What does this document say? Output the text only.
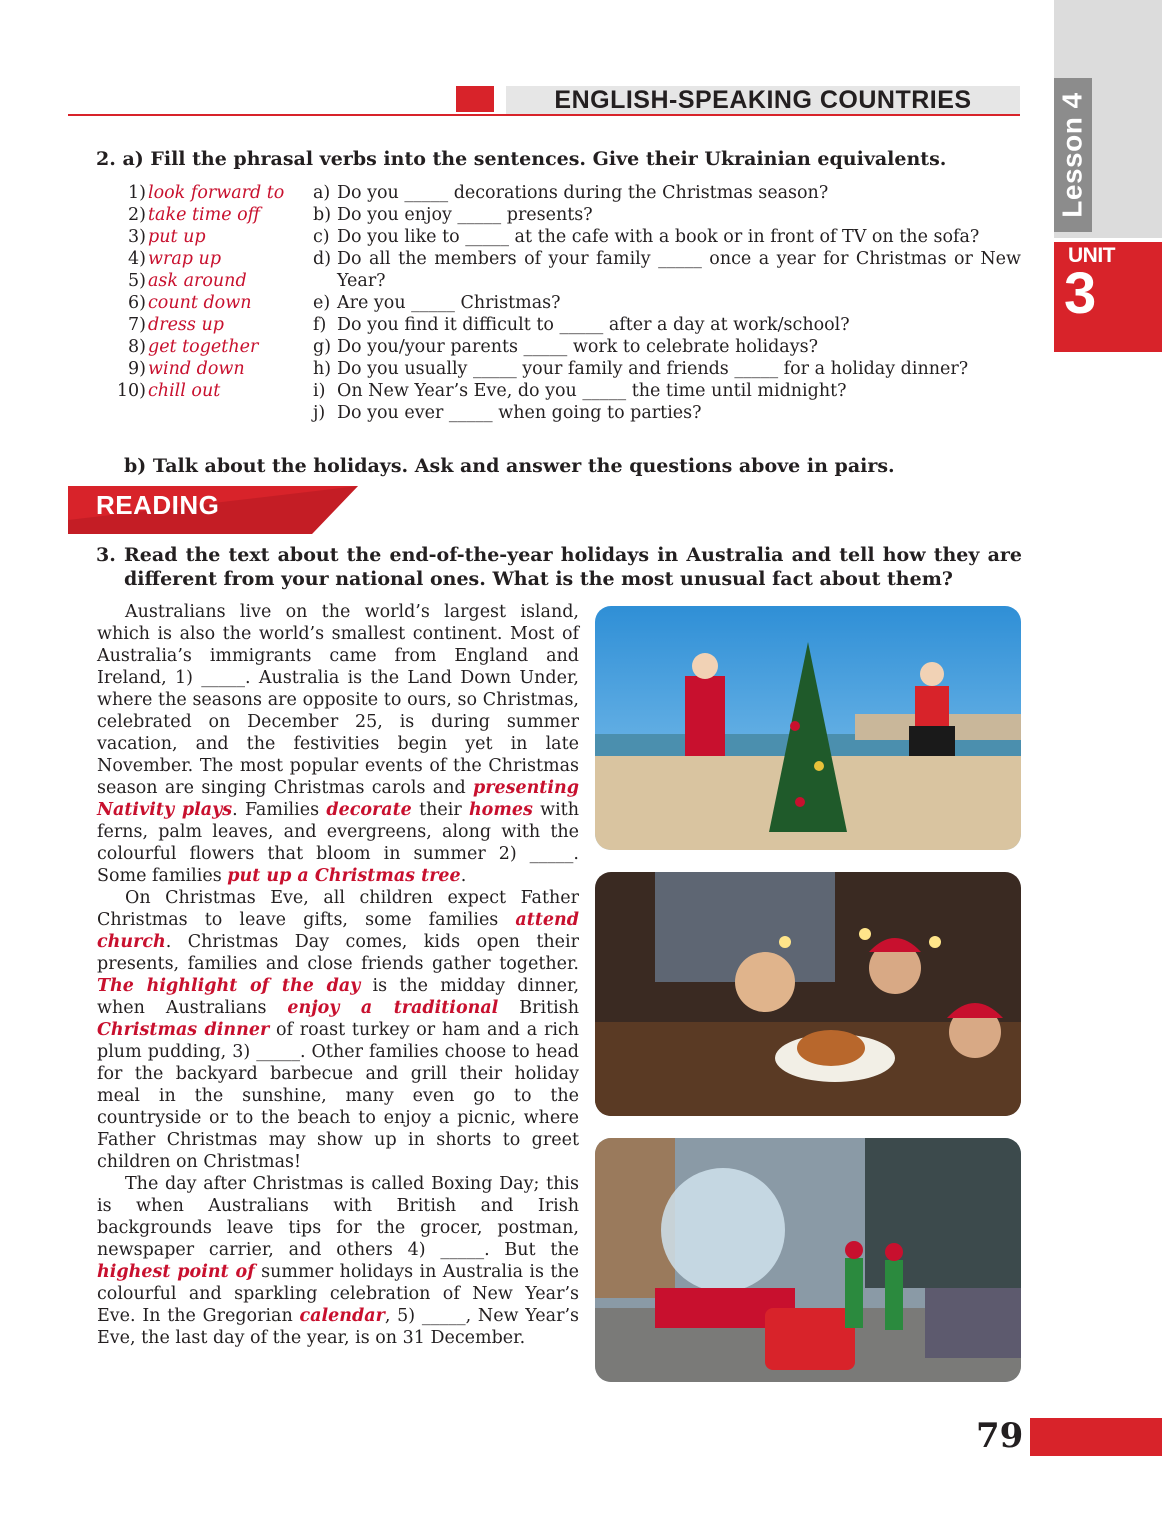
ENGLISH-SPEAKING COUNTRIES	Lesson 4
UNIT
3
2. a) Fill the phrasal verbs into the sentences. Give their Ukrainian equivalents.
1) look forward to
2) take time off
3) put up
4) wrap up
5) ask around
6) count down
7) dress up
8) get together
9) wind down
10) chill out
a) Do you _____ decorations during the Christmas season?
b) Do you enjoy _____ presents?
c) Do you like to _____ at the cafe with a book or in front of TV on the sofa?
d) Do all the members of your family _____ once a year for Christmas or New Year?
e) Are you _____ Christmas?
f) Do you find it difficult to _____ after a day at work/school?
g) Do you/your parents _____ work to celebrate holidays?
h) Do you usually _____ your family and friends _____ for a holiday dinner?
i) On New Year’s Eve, do you _____ the time until midnight?
j) Do you ever _____ when going to parties?
b) Talk about the holidays. Ask and answer the questions above in pairs.
READING
3. Read the text about the end-of-the-year holidays in Australia and tell how they are different from your national ones. What is the most unusual fact about them?

Australians live on the world’s largest island, which is also the world’s smallest continent. Most of Australia’s immigrants came from England and Ireland, 1) _____. Australia is the Land Down Under, where the seasons are opposite to ours, so Christmas, celebrated on December 25, is during summer vacation, and the festivities begin yet in late November. The most popular events of the Christmas season are singing Christmas carols and presenting Nativity plays. Families decorate their homes with ferns, palm leaves, and evergreens, along with the colourful flowers that bloom in summer 2) _____. Some families put up a Christmas tree.

On Christmas Eve, all children expect Father Christmas to leave gifts, some families attend church. Christmas Day comes, kids open their presents, families and close friends gather together. The highlight of the day is the midday dinner, when Australians enjoy a traditional British Christmas dinner of roast turkey or ham and a rich plum pudding, 3) _____. Other families choose to head for the backyard barbecue and grill their holiday meal in the sunshine, many even go to the countryside or to the beach to enjoy a picnic, where Father Christmas may show up in shorts to greet children on Christmas!

The day after Christmas is called Boxing Day; this is when Australians with British and Irish backgrounds leave tips for the grocer, postman, newspaper carrier, and others 4) _____. But the highest point of summer holidays in Australia is the colourful and sparkling celebration of New Year’s Eve. In the Gregorian calendar, 5) _____, New Year’s Eve, the last day of the year, is on 31 December.

79
